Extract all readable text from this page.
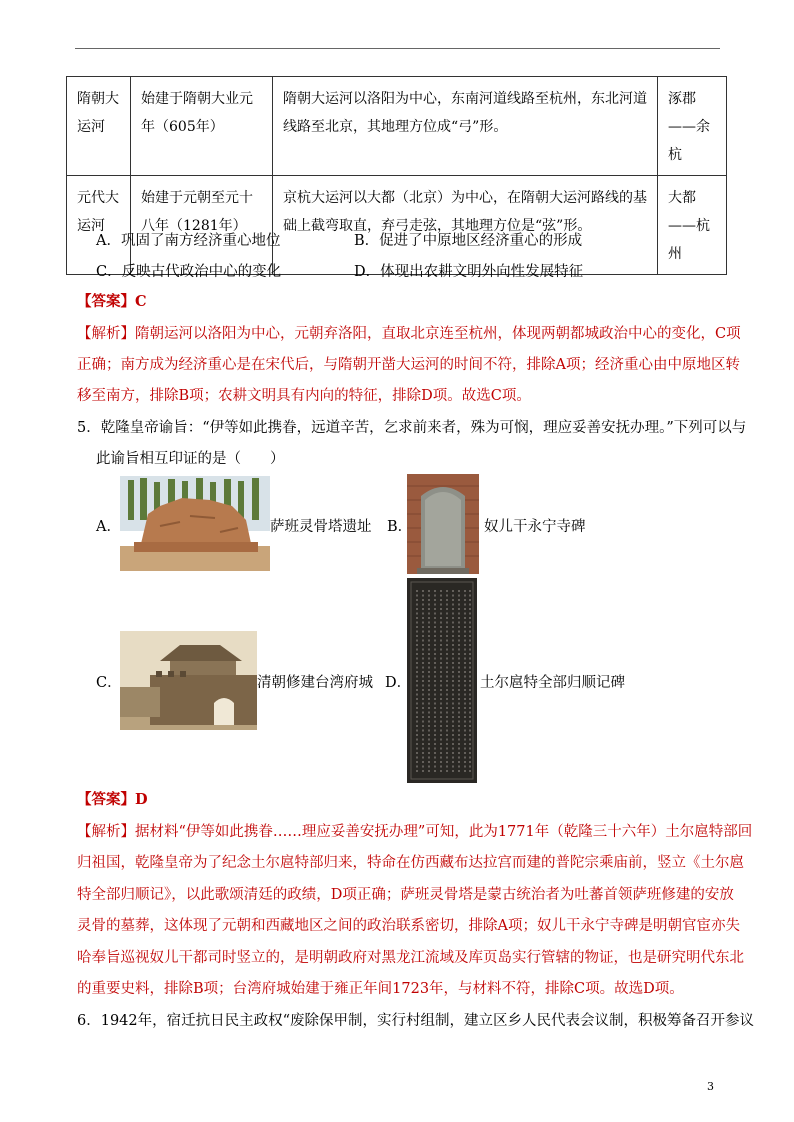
隋朝大运河	始建于隋朝大业元年（605年）	隋朝大运河以洛阳为中心，东南河道线路至杭州，东北河道线路至北京，其地理方位成“弓”形。	涿郡——余杭
元代大运河	始建于元朝至元十八年（1281年）	京杭大运河以大都（北京）为中心，在隋朝大运河路线的基础上截弯取直，弃弓走弦，其地理方位是“弦”形。	大都——杭州
A．巩固了南方经济重心地位	B．促进了中原地区经济重心的形成
C．反映古代政治中心的变化	D．体现出农耕文明外向性发展特征
【答案】C
【解析】隋朝运河以洛阳为中心，元朝弃洛阳，直取北京连至杭州，体现两朝都城政治中心的变化，C项
正确；南方成为经济重心是在宋代后，与隋朝开凿大运河的时间不符，排除A项；经济重心由中原地区转
移至南方，排除B项；农耕文明具有内向的特征，排除D项。故选C项。
5．乾隆皇帝谕旨：“伊等如此携眷，远道辛苦，乞求前来者，殊为可悯，理应妥善安抚办理。”下列可以与
此谕旨相互印证的是（　　）
A．	萨班灵骨塔遗址 B．	奴儿干永宁寺碑
C．	清朝修建台湾府城 D．	土尔扈特全部归顺记碑
【答案】D
【解析】据材料“伊等如此携眷……理应妥善安抚办理”可知，此为1771年（乾隆三十六年）土尔扈特部回
归祖国，乾隆皇帝为了纪念土尔扈特部归来，特命在仿西藏布达拉宫而建的普陀宗乘庙前，竖立《土尔扈
特全部归顺记》，以此歌颂清廷的政绩，D项正确；萨班灵骨塔是蒙古统治者为吐蕃首领萨班修建的安放
灵骨的墓葬，这体现了元朝和西藏地区之间的政治联系密切，排除A项；奴儿干永宁寺碑是明朝官宦亦失
哈奉旨巡视奴儿干都司时竖立的，是明朝政府对黑龙江流域及库页岛实行管辖的物证，也是研究明代东北
的重要史料，排除B项；台湾府城始建于雍正年间1723年，与材料不符，排除C项。故选D项。
6．1942年，宿迁抗日民主政权“废除保甲制，实行村组制，建立区乡人民代表会议制，积极筹备召开参议
3
